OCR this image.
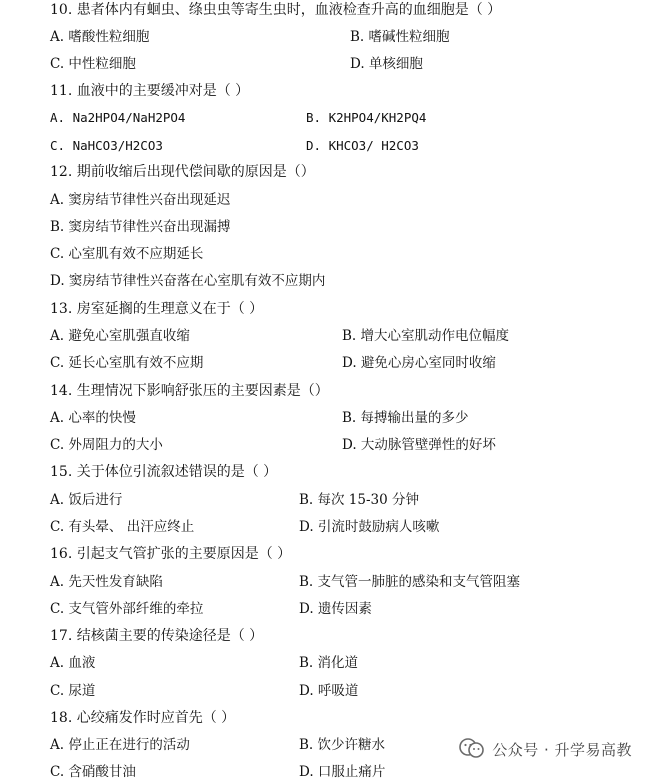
10. 患者体内有蛔虫、绦虫虫等寄生虫时，血液检查升高的血细胞是（ ）
A. 嗜酸性粒细胞	B. 嗜碱性粒细胞
C. 中性粒细胞	D. 单核细胞
11. 血液中的主要缓冲对是（ ）
A. Na2HPO4/NaH2PO4	B. K2HPO4/KH2PQ4
C. NaHCO3/H2CO3	D. KHCO3/ H2CO3
12. 期前收缩后出现代偿间歇的原因是（）
A. 窦房结节律性兴奋出现延迟
B. 窦房结节律性兴奋出现漏搏
C. 心室肌有效不应期延长
D. 窦房结节律性兴奋落在心室肌有效不应期内
13. 房室延搁的生理意义在于（ ）
A. 避免心室肌强直收缩	B. 增大心室肌动作电位幅度
C. 延长心室肌有效不应期	D. 避免心房心室同时收缩
14. 生理情况下影响舒张压的主要因素是（）
A. 心率的快慢	B. 每搏输出量的多少
C. 外周阻力的大小	D. 大动脉管壁弹性的好坏
15. 关于体位引流叙述错误的是（ ）
A. 饭后进行	B. 每次 15-30 分钟
C. 有头晕、 出汗应终止	D. 引流时鼓励病人咳嗽
16. 引起支气管扩张的主要原因是（ ）
A. 先天性发育缺陷	B. 支气管一肺脏的感染和支气管阻塞
C. 支气管外部纤维的牵拉	D. 遗传因素
17. 结核菌主要的传染途径是（ ）
A. 血液	B. 消化道
C. 尿道	D. 呼吸道
18. 心绞痛发作时应首先（ ）
A. 停止正在进行的活动	B. 饮少许糖水
C. 含硝酸甘油	D. 口服止痛片
公众号 · 升学易高教
